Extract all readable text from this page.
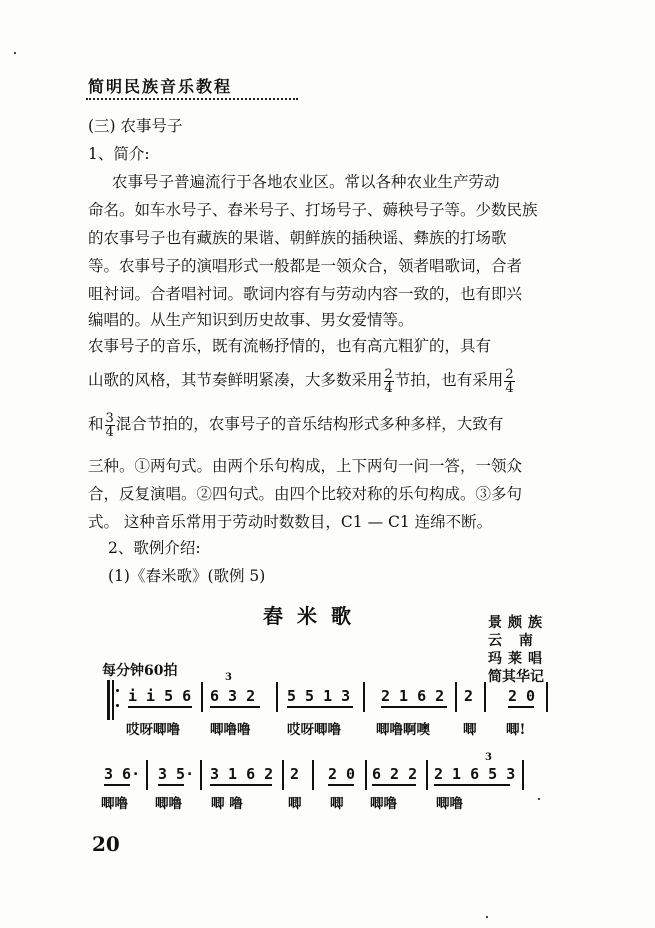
简明民族音乐教程
(三) 农事号子
1、简介:
农事号子普遍流行于各地农业区。常以各种农业生产劳动
命名。如车水号子、舂米号子、打场号子、薅秧号子等。少数民族
的农事号子也有藏族的果谐、朝鲜族的插秧谣、彝族的打场歌
等。农事号子的演唱形式一般都是一领众合，领者唱歌词，合者
咀衬词。合者唱衬词。歌词内容有与劳动内容一致的，也有即兴
编唱的。从生产知识到历史故事、男女爱情等。
农事号子的音乐，既有流畅抒情的，也有高亢粗犷的，具有
山歌的风格，其节奏鲜明紧凑，大多数采用 $\frac{2}{4}$ 节拍，也有采用 $\frac{2}{4}$
和 $\frac{3}{4}$ 混合节拍的，农事号子的音乐结构形式多种多样，大致有
三种。①两句式。由两个乐句构成，上下两句一问一答，一领众
合，反复演唱。②四句式。由四个比较对称的乐句构成。③多句
式。 这种音乐常用于劳动时数数目，C1 — C1 连绵不断。
2、歌例介绍:
(1)《舂米歌》(歌例 5)
舂米歌	景颇族
云 南
玛莱唱
简其华记
每分钟60拍
i i 5 6
3
6 3 2 5 5 1 3 2 1 6 2 2 2 0
哎呀唧噜 唧噜噜	哎呀唧噜	唧噜啊噢 唧 唧!
3 6· 3 5· 3 1 6 2 2 2 0 6 2 2
3
2 1 6 5 3
唧噜 唧噜 唧 噜	唧 唧 唧噜	唧噜
20
